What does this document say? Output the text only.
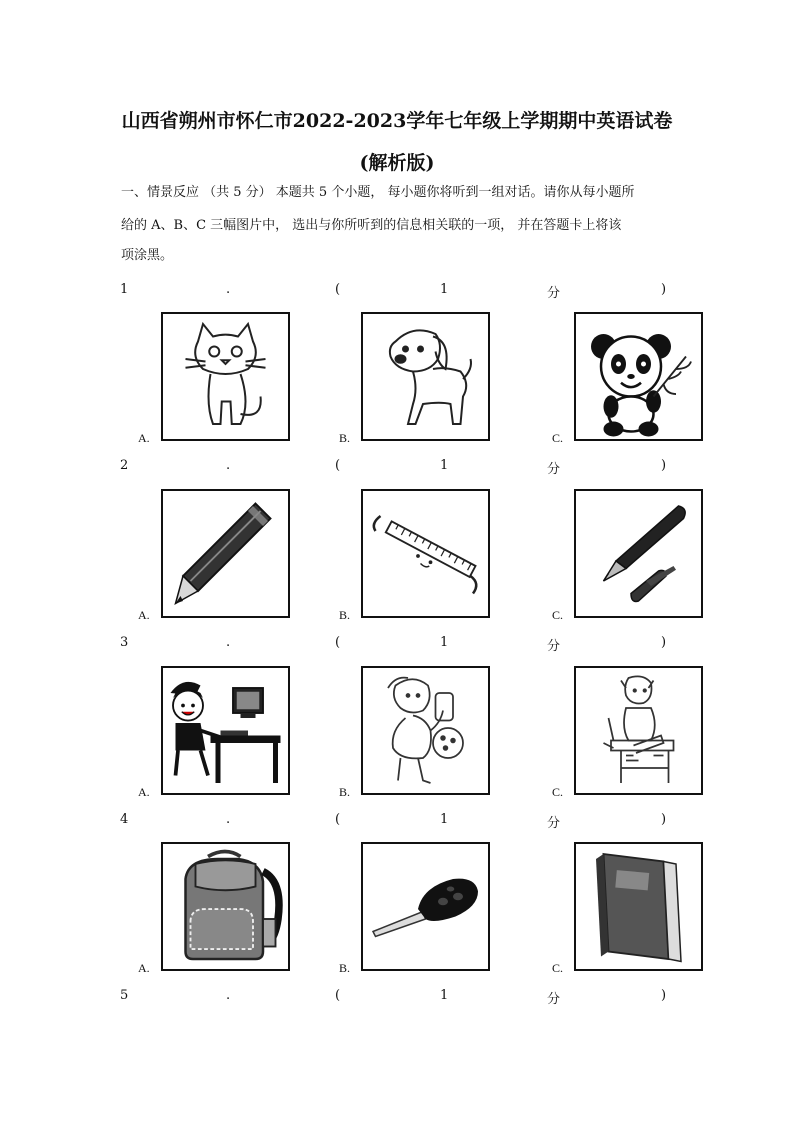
山西省朔州市怀仁市2022-2023学年七年级上学期期中英语试卷
(解析版)
一、情景反应 （共 5 分） 本题共 5 个小题， 每小题你将听到一组对话。请你从每小题所
给的 A、B、C 三幅图片中， 选出与你所听到的信息相关联的一项， 并在答题卡上将该
项涂黑。
1	.	(	1	分	)
A.	B.	C.
2	.	(	1	分	)
A.	B.	C.
3	.	(	1	分	)
A.	B.	C.
4	.	(	1	分	)
A.	B.	C.
5	.	(	1	分	)
